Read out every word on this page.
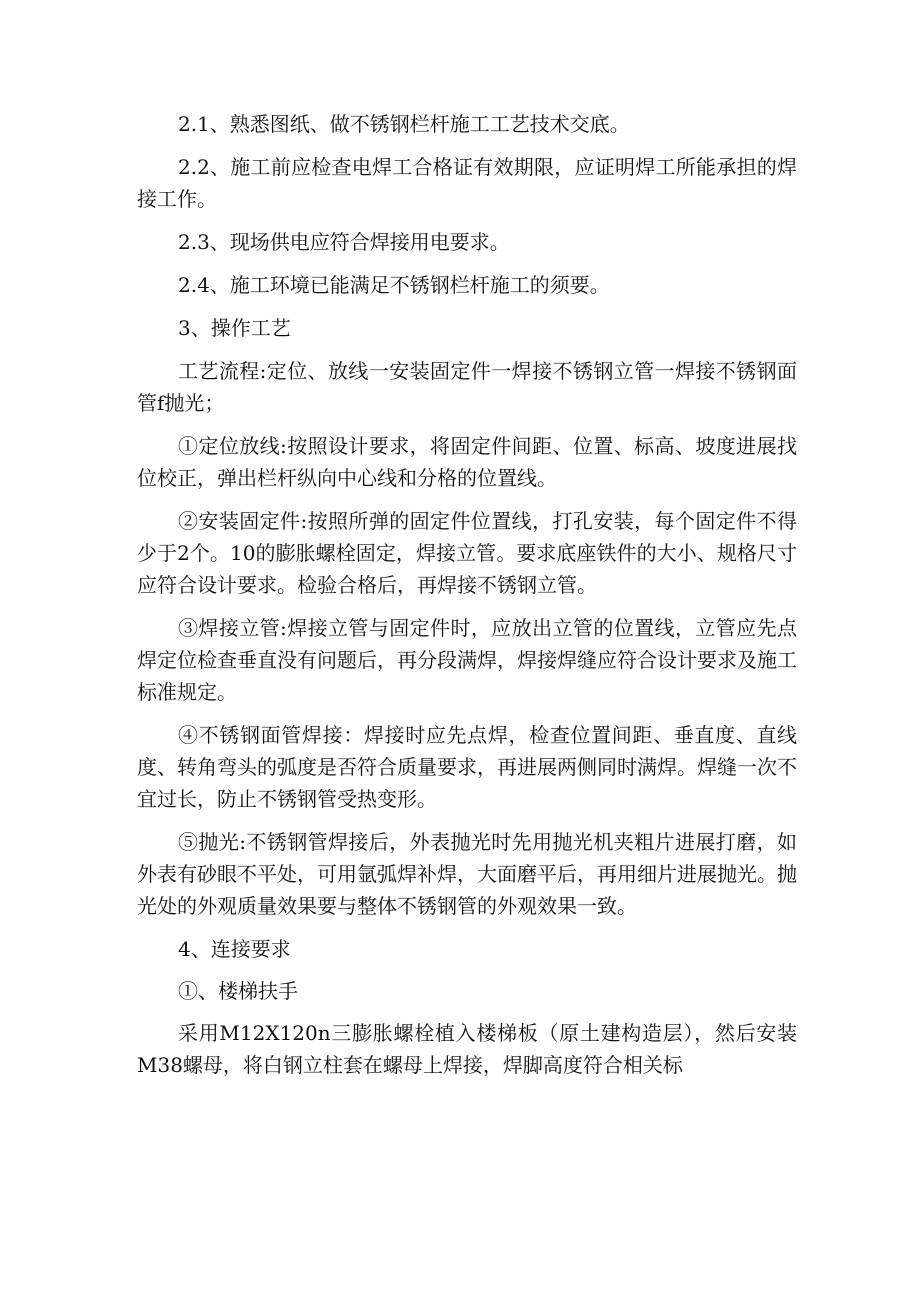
2.1、熟悉图纸、做不锈钢栏杆施工工艺技术交底。

2.2、施工前应检查电焊工合格证有效期限，应证明焊工所能承担的焊接工作。

2.3、现场供电应符合焊接用电要求。

2.4、施工环境已能满足不锈钢栏杆施工的须要。

3、操作工艺

工艺流程:定位、放线一安装固定件一焊接不锈钢立管一焊接不锈钢面管f抛光；

①定位放线:按照设计要求，将固定件间距、位置、标高、坡度进展找位校正，弹出栏杆纵向中心线和分格的位置线。

②安装固定件:按照所弹的固定件位置线，打孔安装，每个固定件不得少于2个。10的膨胀螺栓固定，焊接立管。要求底座铁件的大小、规格尺寸应符合设计要求。检验合格后，再焊接不锈钢立管。

③焊接立管:焊接立管与固定件时，应放出立管的位置线，立管应先点焊定位检查垂直没有问题后，再分段满焊，焊接焊缝应符合设计要求及施工标准规定。

④不锈钢面管焊接：焊接时应先点焊，检查位置间距、垂直度、直线度、转角弯头的弧度是否符合质量要求，再进展两侧同时满焊。焊缝一次不宜过长，防止不锈钢管受热变形。

⑤抛光:不锈钢管焊接后，外表抛光时先用抛光机夹粗片进展打磨，如外表有砂眼不平处，可用氩弧焊补焊，大面磨平后，再用细片进展抛光。抛光处的外观质量效果要与整体不锈钢管的外观效果一致。

4、连接要求

①、楼梯扶手

采用M12X120n三膨胀螺栓植入楼梯板（原土建构造层），然后安装M38螺母，将白钢立柱套在螺母上焊接，焊脚高度符合相关标
